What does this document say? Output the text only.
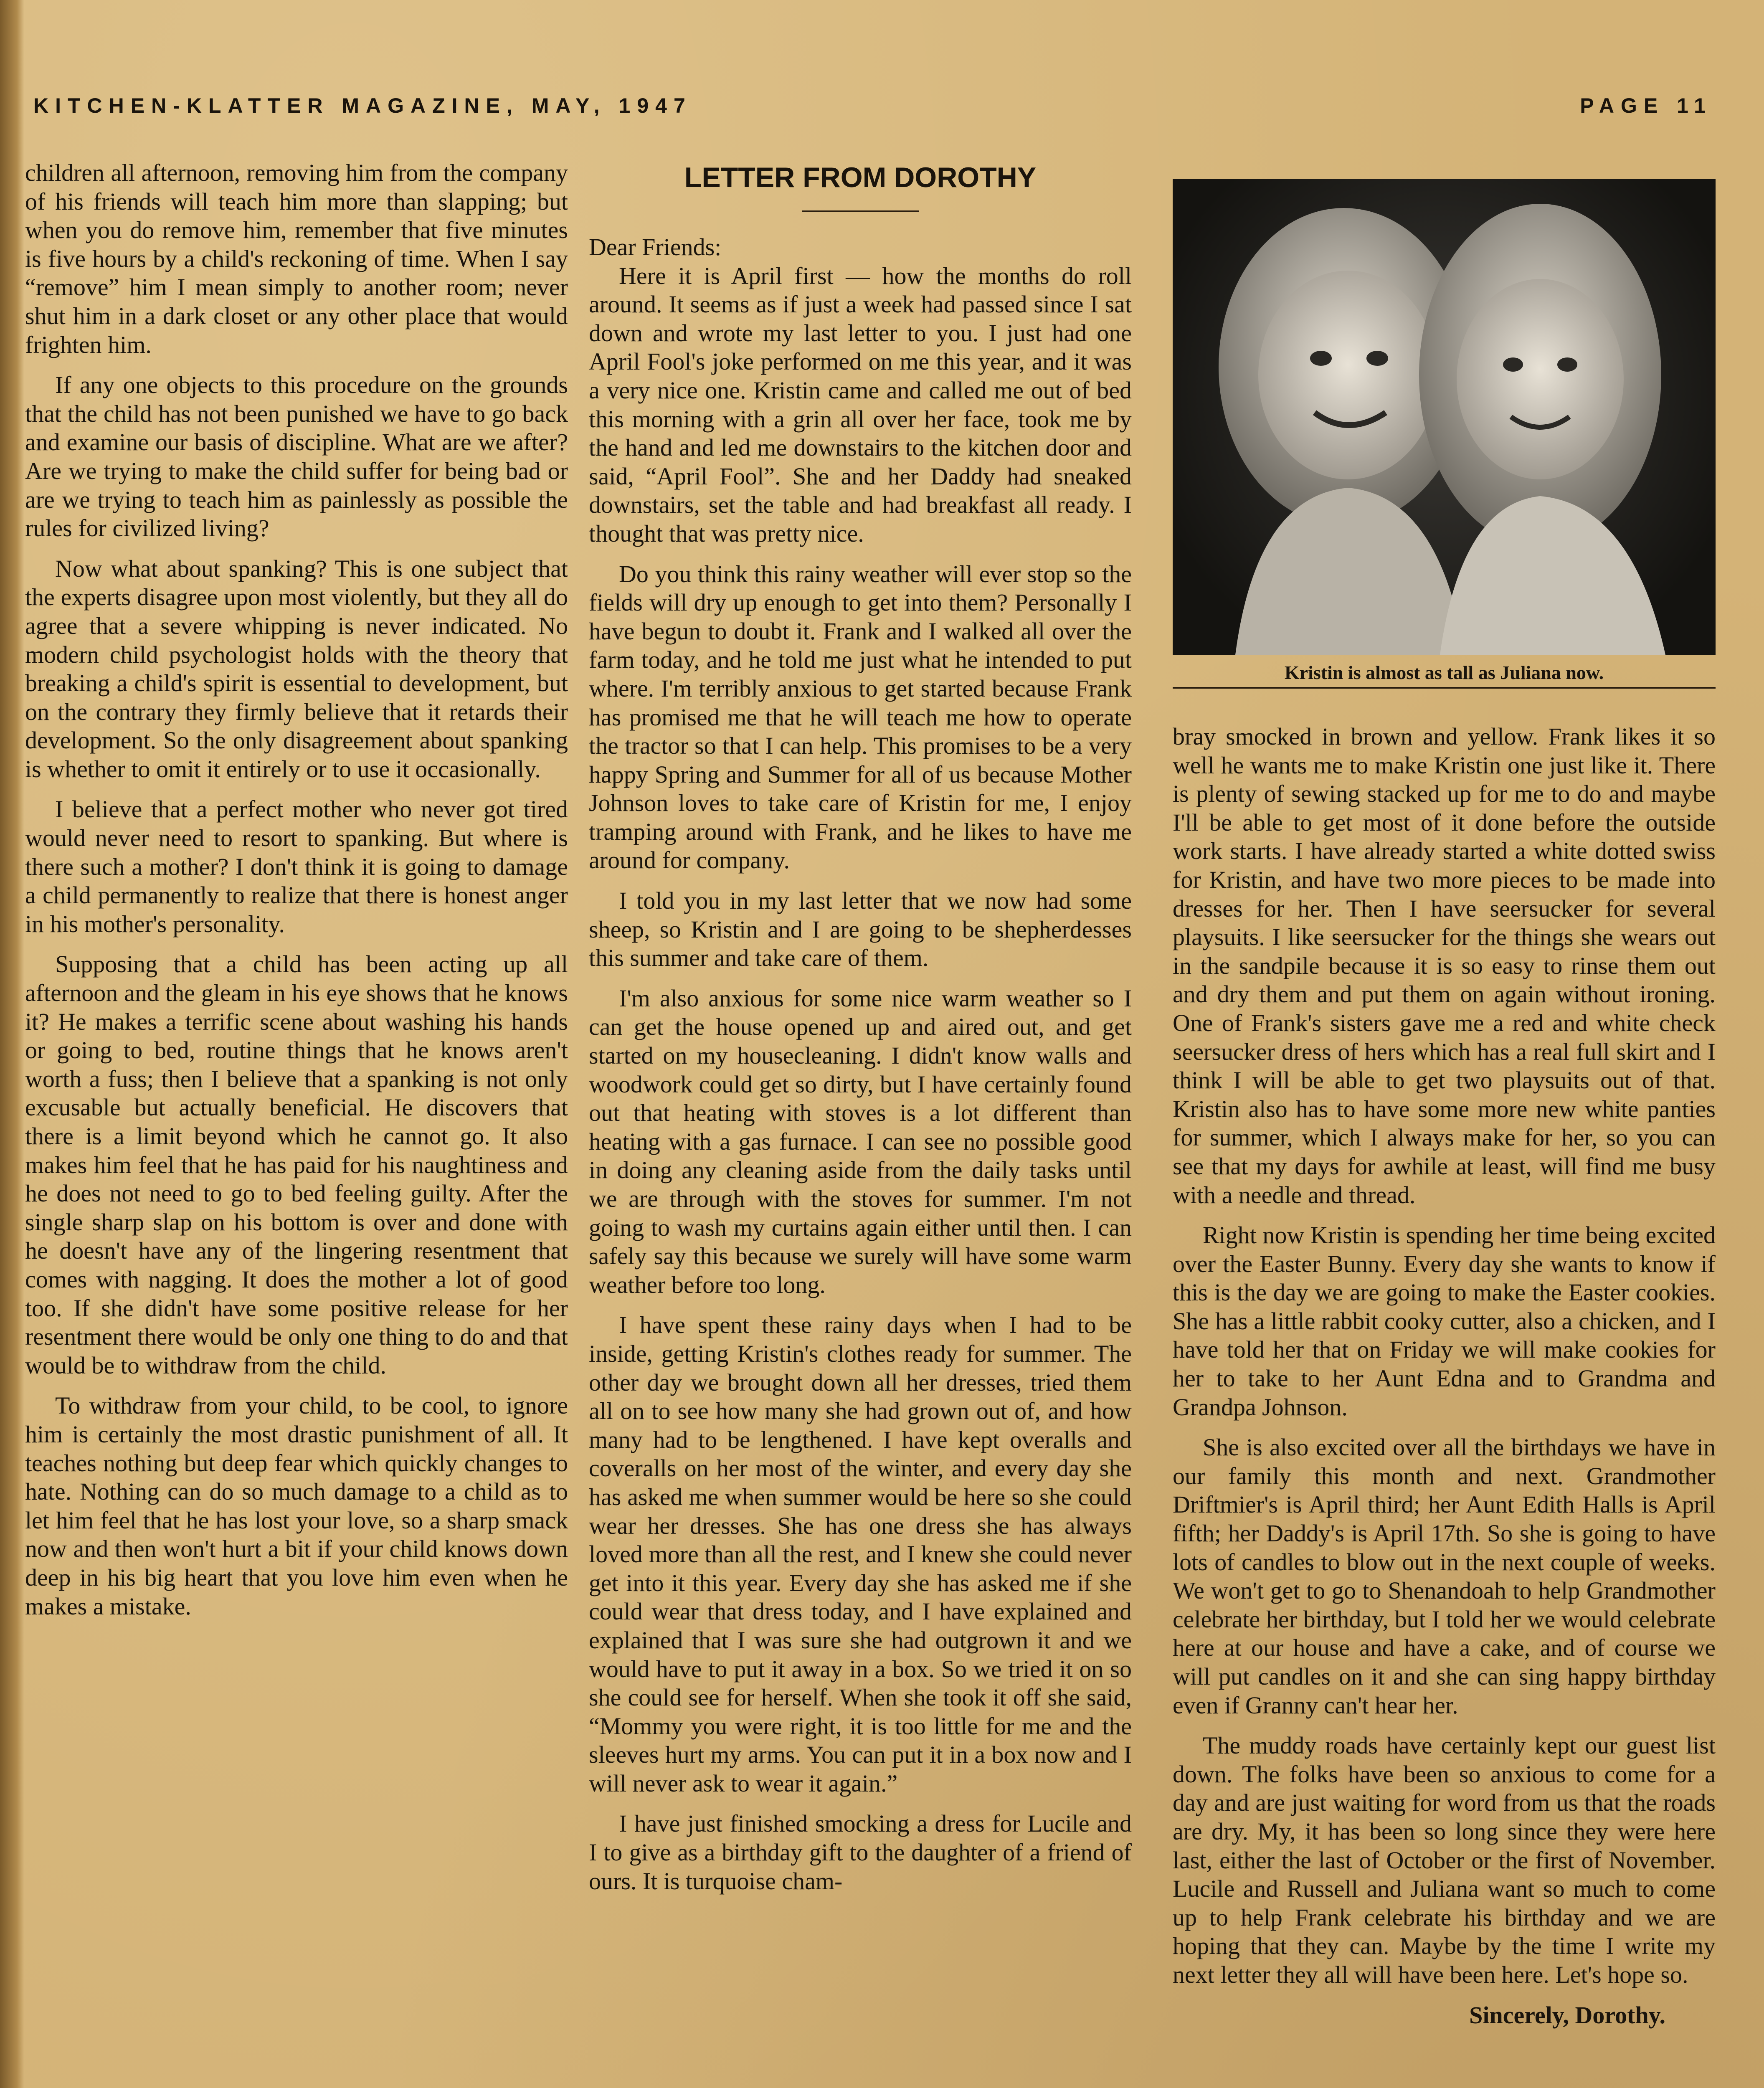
KITCHEN-KLATTER MAGAZINE, MAY, 1947	PAGE 11

children all afternoon, removing him from the company of his friends will teach him more than slapping; but when you do remove him, remember that five minutes is five hours by a child's reckoning of time. When I say “remove” him I mean simply to another room; never shut him in a dark closet or any other place that would frighten him.

If any one objects to this procedure on the grounds that the child has not been punished we have to go back and examine our basis of discipline. What are we after? Are we trying to make the child suffer for being bad or are we trying to teach him as painlessly as possible the rules for civilized living?

Now what about spanking? This is one subject that the experts disagree upon most violently, but they all do agree that a severe whipping is never indicated. No modern child psychologist holds with the theory that breaking a child's spirit is essential to development, but on the contrary they firmly believe that it retards their development. So the only disagreement about spanking is whether to omit it entirely or to use it occasionally.

I believe that a perfect mother who never got tired would never need to resort to spanking. But where is there such a mother? I don't think it is going to damage a child permanently to realize that there is honest anger in his mother's personality.

Supposing that a child has been acting up all afternoon and the gleam in his eye shows that he knows it? He makes a terrific scene about washing his hands or going to bed, routine things that he knows aren't worth a fuss; then I believe that a spanking is not only excusable but actually beneficial. He discovers that there is a limit beyond which he cannot go. It also makes him feel that he has paid for his naughtiness and he does not need to go to bed feeling guilty. After the single sharp slap on his bottom is over and done with he doesn't have any of the lingering resentment that comes with nagging. It does the mother a lot of good too. If she didn't have some positive release for her resentment there would be only one thing to do and that would be to withdraw from the child.

To withdraw from your child, to be cool, to ignore him is certainly the most drastic punishment of all. It teaches nothing but deep fear which quickly changes to hate. Nothing can do so much damage to a child as to let him feel that he has lost your love, so a sharp smack now and then won't hurt a bit if your child knows down deep in his big heart that you love him even when he makes a mistake.

LETTER FROM DOROTHY

Dear Friends:

Here it is April first — how the months do roll around. It seems as if just a week had passed since I sat down and wrote my last letter to you. I just had one April Fool's joke performed on me this year, and it was a very nice one. Kristin came and called me out of bed this morning with a grin all over her face, took me by the hand and led me downstairs to the kitchen door and said, “April Fool”. She and her Daddy had sneaked downstairs, set the table and had breakfast all ready. I thought that was pretty nice.

Do you think this rainy weather will ever stop so the fields will dry up enough to get into them? Personally I have begun to doubt it. Frank and I walked all over the farm today, and he told me just what he intended to put where. I'm terribly anxious to get started because Frank has promised me that he will teach me how to operate the tractor so that I can help. This promises to be a very happy Spring and Summer for all of us because Mother Johnson loves to take care of Kristin for me, I enjoy tramping around with Frank, and he likes to have me around for company.

I told you in my last letter that we now had some sheep, so Kristin and I are going to be shepherdesses this summer and take care of them.

I'm also anxious for some nice warm weather so I can get the house opened up and aired out, and get started on my housecleaning. I didn't know walls and woodwork could get so dirty, but I have certainly found out that heating with stoves is a lot different than heating with a gas furnace. I can see no possible good in doing any cleaning aside from the daily tasks until we are through with the stoves for summer. I'm not going to wash my curtains again either until then. I can safely say this because we surely will have some warm weather before too long.

I have spent these rainy days when I had to be inside, getting Kristin's clothes ready for summer. The other day we brought down all her dresses, tried them all on to see how many she had grown out of, and how many had to be lengthened. I have kept overalls and coveralls on her most of the winter, and every day she has asked me when summer would be here so she could wear her dresses. She has one dress she has always loved more than all the rest, and I knew she could never get into it this year. Every day she has asked me if she could wear that dress today, and I have explained and explained that I was sure she had outgrown it and we would have to put it away in a box. So we tried it on so she could see for herself. When she took it off she said, “Mommy you were right, it is too little for me and the sleeves hurt my arms. You can put it in a box now and I will never ask to wear it again.”

I have just finished smocking a dress for Lucile and I to give as a birthday gift to the daughter of a friend of ours. It is turquoise cham-

Kristin is almost as tall as Juliana now.

bray smocked in brown and yellow. Frank likes it so well he wants me to make Kristin one just like it. There is plenty of sewing stacked up for me to do and maybe I'll be able to get most of it done before the outside work starts. I have already started a white dotted swiss for Kristin, and have two more pieces to be made into dresses for her. Then I have seersucker for several playsuits. I like seersucker for the things she wears out in the sandpile because it is so easy to rinse them out and dry them and put them on again without ironing. One of Frank's sisters gave me a red and white check seersucker dress of hers which has a real full skirt and I think I will be able to get two playsuits out of that. Kristin also has to have some more new white panties for summer, which I always make for her, so you can see that my days for awhile at least, will find me busy with a needle and thread.

Right now Kristin is spending her time being excited over the Easter Bunny. Every day she wants to know if this is the day we are going to make the Easter cookies. She has a little rabbit cooky cutter, also a chicken, and I have told her that on Friday we will make cookies for her to take to her Aunt Edna and to Grandma and Grandpa Johnson.

She is also excited over all the birthdays we have in our family this month and next. Grandmother Driftmier's is April third; her Aunt Edith Halls is April fifth; her Daddy's is April 17th. So she is going to have lots of candles to blow out in the next couple of weeks. We won't get to go to Shenandoah to help Grandmother celebrate her birthday, but I told her we would celebrate here at our house and have a cake, and of course we will put candles on it and she can sing happy birthday even if Granny can't hear her.

The muddy roads have certainly kept our guest list down. The folks have been so anxious to come for a day and are just waiting for word from us that the roads are dry. My, it has been so long since they were here last, either the last of October or the first of November. Lucile and Russell and Juliana want so much to come up to help Frank celebrate his birthday and we are hoping that they can. Maybe by the time I write my next letter they all will have been here. Let's hope so.

Sincerely, Dorothy.
